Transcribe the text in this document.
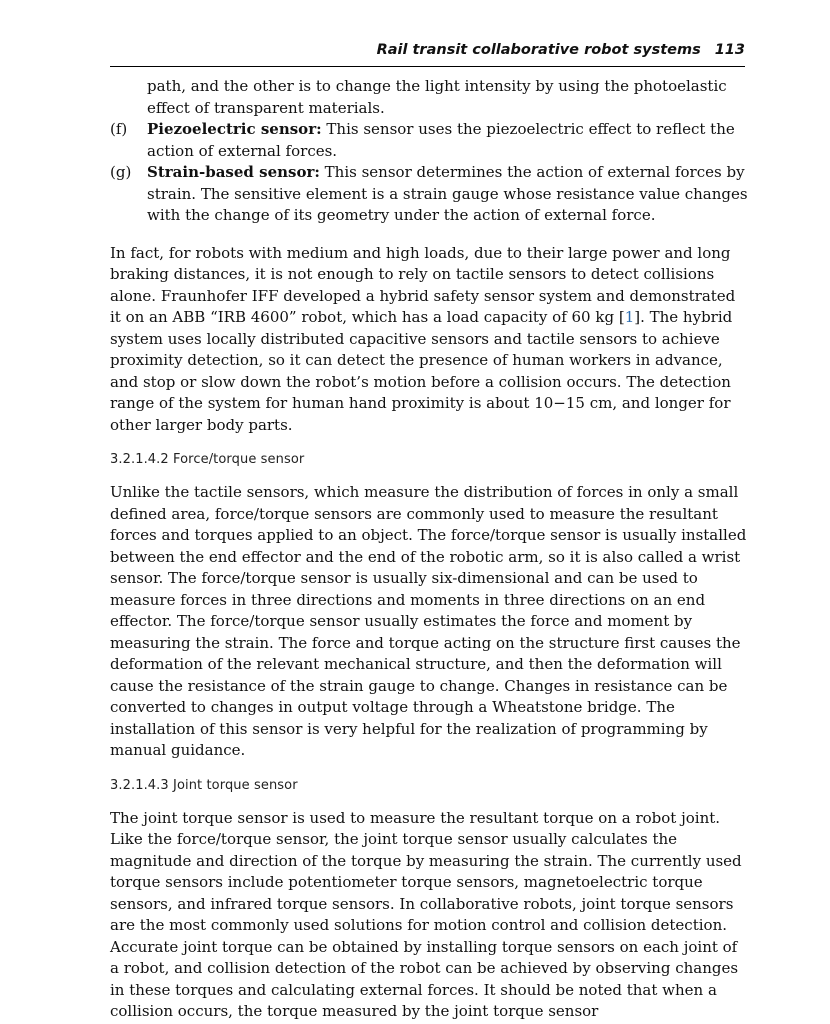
Rail transit collaborative robot systems 113

path, and the other is to change the light intensity by using the photoelastic effect of transparent materials.

(f) Piezoelectric sensor: This sensor uses the piezoelectric effect to reflect the action of external forces.
(g) Strain-based sensor: This sensor determines the action of external forces by strain. The sensitive element is a strain gauge whose resistance value changes with the change of its geometry under the action of external force.

In fact, for robots with medium and high loads, due to their large power and long braking distances, it is not enough to rely on tactile sensors to detect collisions alone. Fraunhofer IFF developed a hybrid safety sensor system and demonstrated it on an ABB “IRB 4600” robot, which has a load capacity of 60 kg [1]. The hybrid system uses locally distributed capacitive sensors and tactile sensors to achieve proximity detection, so it can detect the presence of human workers in advance, and stop or slow down the robot’s motion before a collision occurs. The detection range of the system for human hand proximity is about 10−15 cm, and longer for other larger body parts.

3.2.1.4.2 Force/torque sensor

Unlike the tactile sensors, which measure the distribution of forces in only a small defined area, force/torque sensors are commonly used to measure the resultant forces and torques applied to an object. The force/torque sensor is usually installed between the end effector and the end of the robotic arm, so it is also called a wrist sensor. The force/torque sensor is usually six-dimensional and can be used to measure forces in three directions and moments in three directions on an end effector. The force/torque sensor usually estimates the force and moment by measuring the strain. The force and torque acting on the structure first causes the deformation of the relevant mechanical structure, and then the deformation will cause the resistance of the strain gauge to change. Changes in resistance can be converted to changes in output voltage through a Wheatstone bridge. The installation of this sensor is very helpful for the realization of programming by manual guidance.

3.2.1.4.3 Joint torque sensor

The joint torque sensor is used to measure the resultant torque on a robot joint. Like the force/torque sensor, the joint torque sensor usually calculates the magnitude and direction of the torque by measuring the strain. The currently used torque sensors include potentiometer torque sensors, magnetoelectric torque sensors, and infrared torque sensors. In collaborative robots, joint torque sensors are the most commonly used solutions for motion control and collision detection. Accurate joint torque can be obtained by installing torque sensors on each joint of a robot, and collision detection of the robot can be achieved by observing changes in these torques and calculating external forces. It should be noted that when a collision occurs, the torque measured by the joint torque sensor
